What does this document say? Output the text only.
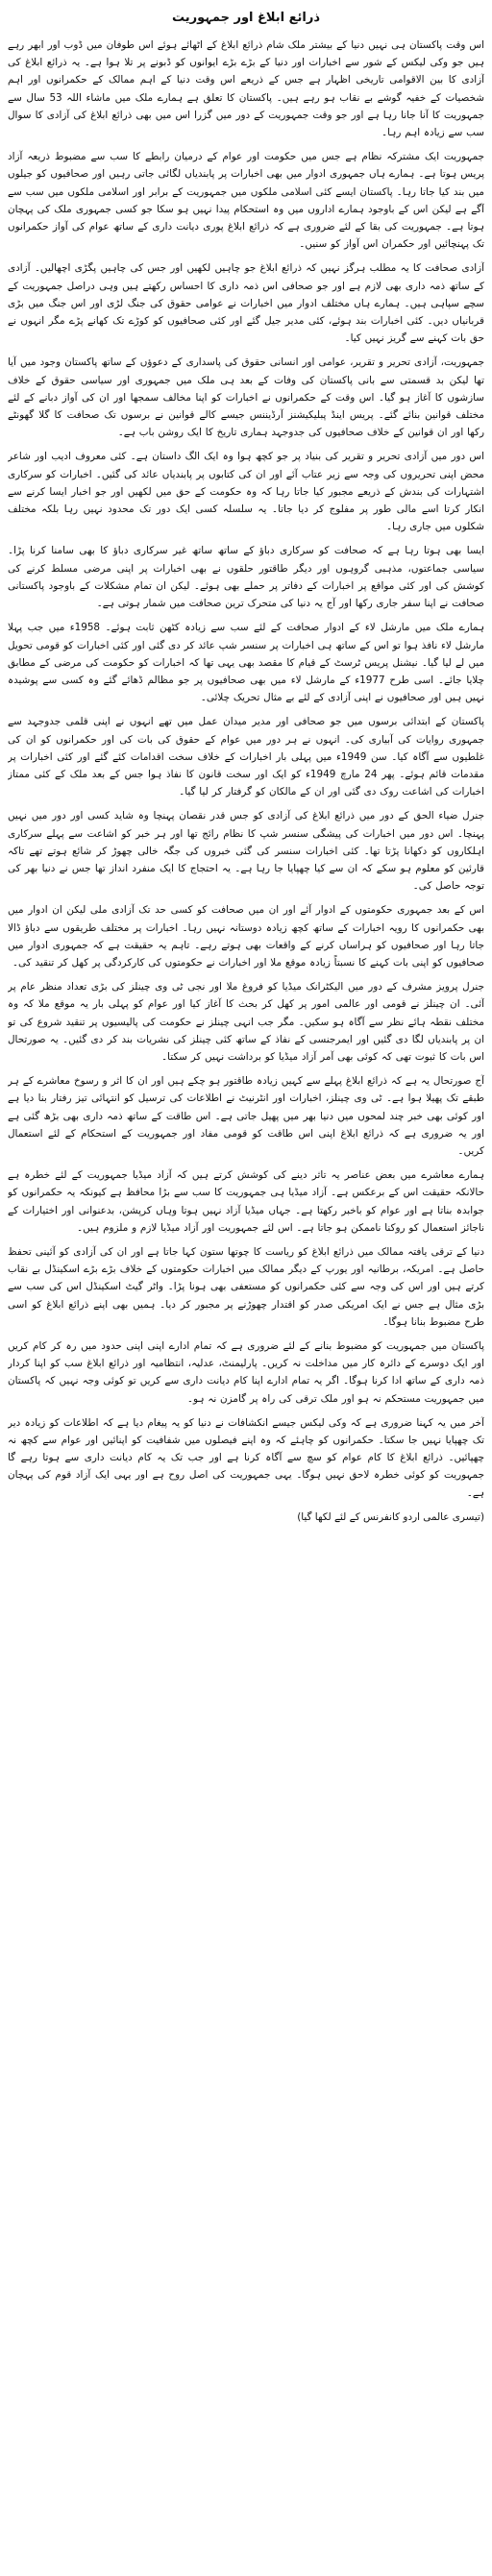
ذرائع ابلاغ اور جمہوریت

اس وقت پاکستان ہی نہیں دنیا کے بیشتر ملک شام ذرائع ابلاغ کے اٹھائے ہوئے اس طوفان میں ڈوب اور ابھر رہے ہیں جو وکی لیکس کے شور سے اخبارات اور دنیا کے بڑے بڑے ایوانوں کو ڈبونے پر تلا ہوا ہے۔ یہ ذرائع ابلاغ کی آزادی کا بین الاقوامی تاریخی اظہار ہے جس کے ذریعے اس وقت دنیا کے اہم ممالک کے حکمرانوں اور اہم شخصیات کے خفیہ گوشے بے نقاب ہو رہے ہیں۔ پاکستان کا تعلق ہے ہمارے ملک میں ماشاء اللہ 53 سال سے جمہوریت کا آنا جانا رہا ہے اور جو وقت جمہوریت کے دور میں گزرا اس میں بھی ذرائع ابلاغ کی آزادی کا سوال سب سے زیادہ اہم رہا۔

جمہوریت ایک مشترکہ نظام ہے جس میں حکومت اور عوام کے درمیان رابطے کا سب سے مضبوط ذریعہ آزاد پریس ہوتا ہے۔ ہمارے ہاں جمہوری ادوار میں بھی اخبارات پر پابندیاں لگائی جاتی رہیں اور صحافیوں کو جیلوں میں بند کیا جاتا رہا۔ پاکستان ایسے کئی اسلامی ملکوں میں جمہوریت کے برابر اور اسلامی ملکوں میں سب سے آگے ہے لیکن اس کے باوجود ہمارے اداروں میں وہ استحکام پیدا نہیں ہو سکا جو کسی جمہوری ملک کی پہچان ہوتا ہے۔ جمہوریت کی بقا کے لئے ضروری ہے کہ ذرائع ابلاغ پوری دیانت داری کے ساتھ عوام کی آواز حکمرانوں تک پہنچائیں اور حکمران اس آواز کو سنیں۔

آزادی صحافت کا یہ مطلب ہرگز نہیں کہ ذرائع ابلاغ جو چاہیں لکھیں اور جس کی چاہیں پگڑی اچھالیں۔ آزادی کے ساتھ ذمہ داری بھی لازم ہے اور جو صحافی اس ذمہ داری کا احساس رکھتے ہیں وہی دراصل جمہوریت کے سچے سپاہی ہیں۔ ہمارے ہاں مختلف ادوار میں اخبارات نے عوامی حقوق کی جنگ لڑی اور اس جنگ میں بڑی قربانیاں دیں۔ کئی اخبارات بند ہوئے، کئی مدیر جیل گئے اور کئی صحافیوں کو کوڑے تک کھانے پڑے مگر انہوں نے حق بات کہنے سے گریز نہیں کیا۔

جمہوریت، آزادی تحریر و تقریر، عوامی اور انسانی حقوق کی پاسداری کے دعوؤں کے ساتھ پاکستان وجود میں آیا تھا لیکن بد قسمتی سے بانی پاکستان کی وفات کے بعد ہی ملک میں جمہوری اور سیاسی حقوق کے خلاف سازشوں کا آغاز ہو گیا۔ اس وقت کے حکمرانوں نے اخبارات کو اپنا مخالف سمجھا اور ان کی آواز دبانے کے لئے مختلف قوانین بنائے گئے۔ پریس اینڈ پبلیکیشنز آرڈیننس جیسے کالے قوانین نے برسوں تک صحافت کا گلا گھونٹے رکھا اور ان قوانین کے خلاف صحافیوں کی جدوجہد ہماری تاریخ کا ایک روشن باب ہے۔

اس دور میں آزادی تحریر و تقریر کی بنیاد پر جو کچھ ہوا وہ ایک الگ داستان ہے۔ کئی معروف ادیب اور شاعر محض اپنی تحریروں کی وجہ سے زیر عتاب آئے اور ان کی کتابوں پر پابندیاں عائد کی گئیں۔ اخبارات کو سرکاری اشتہارات کی بندش کے ذریعے مجبور کیا جاتا رہا کہ وہ حکومت کے حق میں لکھیں اور جو اخبار ایسا کرنے سے انکار کرتا اسے مالی طور پر مفلوج کر دیا جاتا۔ یہ سلسلہ کسی ایک دور تک محدود نہیں رہا بلکہ مختلف شکلوں میں جاری رہا۔

ایسا بھی ہوتا رہا ہے کہ صحافت کو سرکاری دباؤ کے ساتھ ساتھ غیر سرکاری دباؤ کا بھی سامنا کرنا پڑا۔ سیاسی جماعتوں، مذہبی گروہوں اور دیگر طاقتور حلقوں نے بھی اخبارات پر اپنی مرضی مسلط کرنے کی کوشش کی اور کئی مواقع پر اخبارات کے دفاتر پر حملے بھی ہوئے۔ لیکن ان تمام مشکلات کے باوجود پاکستانی صحافت نے اپنا سفر جاری رکھا اور آج یہ دنیا کی متحرک ترین صحافت میں شمار ہوتی ہے۔

ہمارے ملک میں مارشل لاء کے ادوار صحافت کے لئے سب سے زیادہ کٹھن ثابت ہوئے۔ 1958ء میں جب پہلا مارشل لاء نافذ ہوا تو اس کے ساتھ ہی اخبارات پر سنسر شپ عائد کر دی گئی اور کئی اخبارات کو قومی تحویل میں لے لیا گیا۔ نیشنل پریس ٹرسٹ کے قیام کا مقصد بھی یہی تھا کہ اخبارات کو حکومت کی مرضی کے مطابق چلایا جائے۔ اسی طرح 1977ء کے مارشل لاء میں بھی صحافیوں پر جو مظالم ڈھائے گئے وہ کسی سے پوشیدہ نہیں ہیں اور صحافیوں نے اپنی آزادی کے لئے بے مثال تحریک چلائی۔

پاکستان کے ابتدائی برسوں میں جو صحافی اور مدیر میدان عمل میں تھے انہوں نے اپنی قلمی جدوجہد سے جمہوری روایات کی آبیاری کی۔ انہوں نے ہر دور میں عوام کے حقوق کی بات کی اور حکمرانوں کو ان کی غلطیوں سے آگاہ کیا۔ سن 1949ء میں پہلی بار اخبارات کے خلاف سخت اقدامات کئے گئے اور کئی اخبارات پر مقدمات قائم ہوئے۔ پھر 24 مارچ 1949ء کو ایک اور سخت قانون کا نفاذ ہوا جس کے بعد ملک کے کئی ممتاز اخبارات کی اشاعت روک دی گئی اور ان کے مالکان کو گرفتار کر لیا گیا۔

جنرل ضیاء الحق کے دور میں ذرائع ابلاغ کی آزادی کو جس قدر نقصان پہنچا وہ شاید کسی اور دور میں نہیں پہنچا۔ اس دور میں اخبارات کی پیشگی سنسر شپ کا نظام رائج تھا اور ہر خبر کو اشاعت سے پہلے سرکاری اہلکاروں کو دکھانا پڑتا تھا۔ کئی اخبارات سنسر کی گئی خبروں کی جگہ خالی چھوڑ کر شائع ہوتے تھے تاکہ قارئین کو معلوم ہو سکے کہ ان سے کیا چھپایا جا رہا ہے۔ یہ احتجاج کا ایک منفرد انداز تھا جس نے دنیا بھر کی توجہ حاصل کی۔

اس کے بعد جمہوری حکومتوں کے ادوار آئے اور ان میں صحافت کو کسی حد تک آزادی ملی لیکن ان ادوار میں بھی حکمرانوں کا رویہ اخبارات کے ساتھ کچھ زیادہ دوستانہ نہیں رہا۔ اخبارات پر مختلف طریقوں سے دباؤ ڈالا جاتا رہا اور صحافیوں کو ہراساں کرنے کے واقعات بھی ہوتے رہے۔ تاہم یہ حقیقت ہے کہ جمہوری ادوار میں صحافیوں کو اپنی بات کہنے کا نسبتاً زیادہ موقع ملا اور اخبارات نے حکومتوں کی کارکردگی پر کھل کر تنقید کی۔

جنرل پرویز مشرف کے دور میں الیکٹرانک میڈیا کو فروغ ملا اور نجی ٹی وی چینلز کی بڑی تعداد منظر عام پر آئی۔ ان چینلز نے قومی اور عالمی امور پر کھل کر بحث کا آغاز کیا اور عوام کو پہلی بار یہ موقع ملا کہ وہ مختلف نقطہ ہائے نظر سے آگاہ ہو سکیں۔ مگر جب انہی چینلز نے حکومت کی پالیسیوں پر تنقید شروع کی تو ان پر پابندیاں لگا دی گئیں اور ایمرجنسی کے نفاذ کے ساتھ کئی چینلز کی نشریات بند کر دی گئیں۔ یہ صورتحال اس بات کا ثبوت تھی کہ کوئی بھی آمر آزاد میڈیا کو برداشت نہیں کر سکتا۔

آج صورتحال یہ ہے کہ ذرائع ابلاغ پہلے سے کہیں زیادہ طاقتور ہو چکے ہیں اور ان کا اثر و رسوخ معاشرے کے ہر طبقے تک پھیلا ہوا ہے۔ ٹی وی چینلز، اخبارات اور انٹرنیٹ نے اطلاعات کی ترسیل کو انتہائی تیز رفتار بنا دیا ہے اور کوئی بھی خبر چند لمحوں میں دنیا بھر میں پھیل جاتی ہے۔ اس طاقت کے ساتھ ذمہ داری بھی بڑھ گئی ہے اور یہ ضروری ہے کہ ذرائع ابلاغ اپنی اس طاقت کو قومی مفاد اور جمہوریت کے استحکام کے لئے استعمال کریں۔

ہمارے معاشرے میں بعض عناصر یہ تاثر دینے کی کوشش کرتے ہیں کہ آزاد میڈیا جمہوریت کے لئے خطرہ ہے حالانکہ حقیقت اس کے برعکس ہے۔ آزاد میڈیا ہی جمہوریت کا سب سے بڑا محافظ ہے کیونکہ یہ حکمرانوں کو جوابدہ بناتا ہے اور عوام کو باخبر رکھتا ہے۔ جہاں میڈیا آزاد نہیں ہوتا وہاں کرپشن، بدعنوانی اور اختیارات کے ناجائز استعمال کو روکنا ناممکن ہو جاتا ہے۔ اس لئے جمہوریت اور آزاد میڈیا لازم و ملزوم ہیں۔

دنیا کے ترقی یافتہ ممالک میں ذرائع ابلاغ کو ریاست کا چوتھا ستون کہا جاتا ہے اور ان کی آزادی کو آئینی تحفظ حاصل ہے۔ امریکہ، برطانیہ اور یورپ کے دیگر ممالک میں اخبارات حکومتوں کے خلاف بڑے بڑے اسکینڈل بے نقاب کرتے ہیں اور اس کی وجہ سے کئی حکمرانوں کو مستعفی بھی ہونا پڑا۔ واٹر گیٹ اسکینڈل اس کی سب سے بڑی مثال ہے جس نے ایک امریکی صدر کو اقتدار چھوڑنے پر مجبور کر دیا۔ ہمیں بھی اپنے ذرائع ابلاغ کو اسی طرح مضبوط بنانا ہوگا۔

پاکستان میں جمہوریت کو مضبوط بنانے کے لئے ضروری ہے کہ تمام ادارے اپنی اپنی حدود میں رہ کر کام کریں اور ایک دوسرے کے دائرہ کار میں مداخلت نہ کریں۔ پارلیمنٹ، عدلیہ، انتظامیہ اور ذرائع ابلاغ سب کو اپنا کردار ذمہ داری کے ساتھ ادا کرنا ہوگا۔ اگر یہ تمام ادارے اپنا کام دیانت داری سے کریں تو کوئی وجہ نہیں کہ پاکستان میں جمہوریت مستحکم نہ ہو اور ملک ترقی کی راہ پر گامزن نہ ہو۔

آخر میں یہ کہنا ضروری ہے کہ وکی لیکس جیسے انکشافات نے دنیا کو یہ پیغام دیا ہے کہ اطلاعات کو زیادہ دیر تک چھپایا نہیں جا سکتا۔ حکمرانوں کو چاہئے کہ وہ اپنے فیصلوں میں شفافیت کو اپنائیں اور عوام سے کچھ نہ چھپائیں۔ ذرائع ابلاغ کا کام عوام کو سچ سے آگاہ کرنا ہے اور جب تک یہ کام دیانت داری سے ہوتا رہے گا جمہوریت کو کوئی خطرہ لاحق نہیں ہوگا۔ یہی جمہوریت کی اصل روح ہے اور یہی ایک آزاد قوم کی پہچان ہے۔

(تیسری عالمی اردو کانفرنس کے لئے لکھا گیا)
